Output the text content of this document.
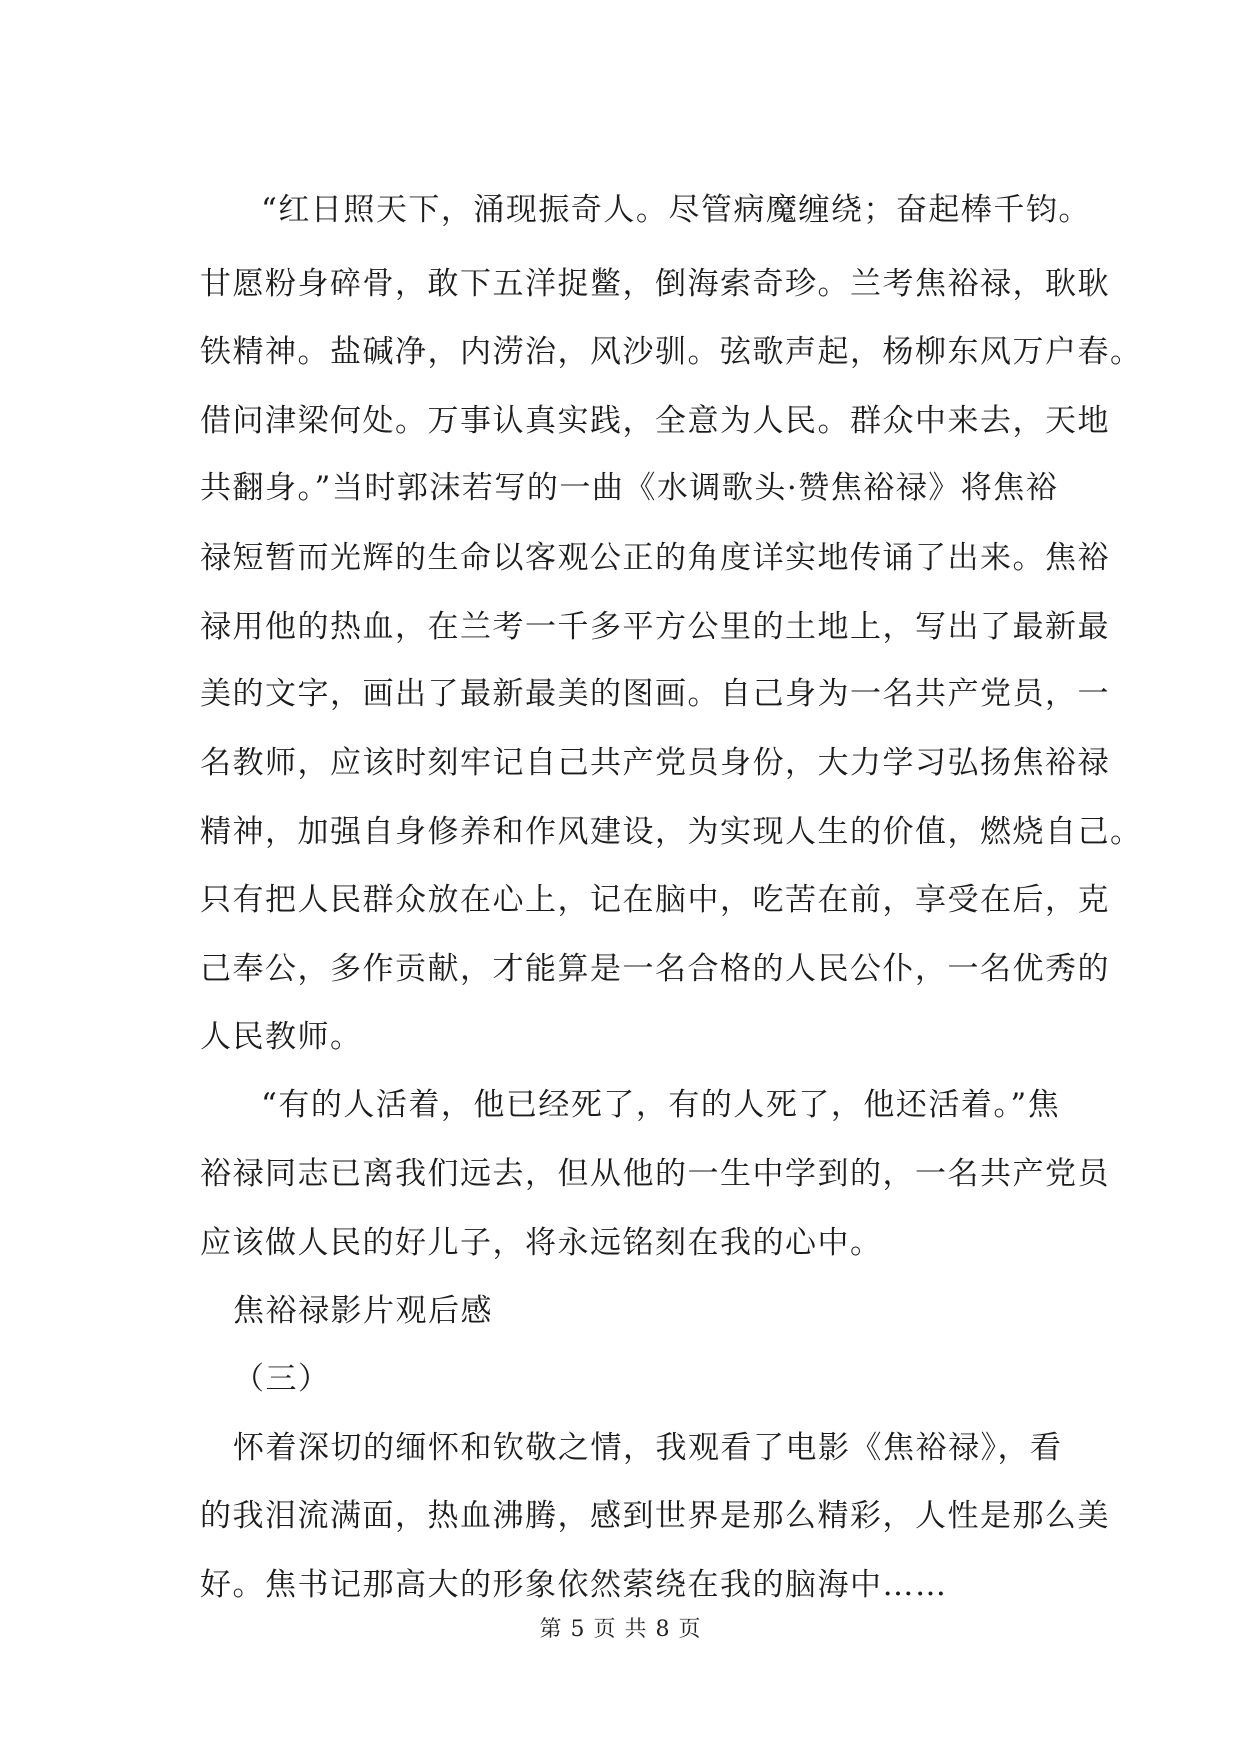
“红日照天下，涌现振奇人。尽管病魔缠绕；奋起棒千钧。
甘愿粉身碎骨，敢下五洋捉鳖，倒海索奇珍。兰考焦裕禄，耿耿
铁精神。盐碱净，内涝治，风沙驯。弦歌声起，杨柳东风万户春。
借问津梁何处。万事认真实践，全意为人民。群众中来去，天地
共翻身。”当时郭沫若写的一曲《水调歌头·赞焦裕禄》将焦裕
禄短暂而光辉的生命以客观公正的角度详实地传诵了出来。焦裕
禄用他的热血，在兰考一千多平方公里的土地上，写出了最新最
美的文字，画出了最新最美的图画。自己身为一名共产党员，一
名教师，应该时刻牢记自己共产党员身份，大力学习弘扬焦裕禄
精神，加强自身修养和作风建设，为实现人生的价值，燃烧自己。
只有把人民群众放在心上，记在脑中，吃苦在前，享受在后，克
己奉公，多作贡献，才能算是一名合格的人民公仆，一名优秀的
人民教师。
“有的人活着，他已经死了，有的人死了，他还活着。”焦
裕禄同志已离我们远去，但从他的一生中学到的，一名共产党员
应该做人民的好儿子，将永远铭刻在我的心中。
焦裕禄影片观后感
（三）
怀着深切的缅怀和钦敬之情，我观看了电影《焦裕禄》，看
的我泪流满面，热血沸腾，感到世界是那么精彩，人性是那么美
好。焦书记那高大的形象依然萦绕在我的脑海中……
第 5 页 共 8 页
